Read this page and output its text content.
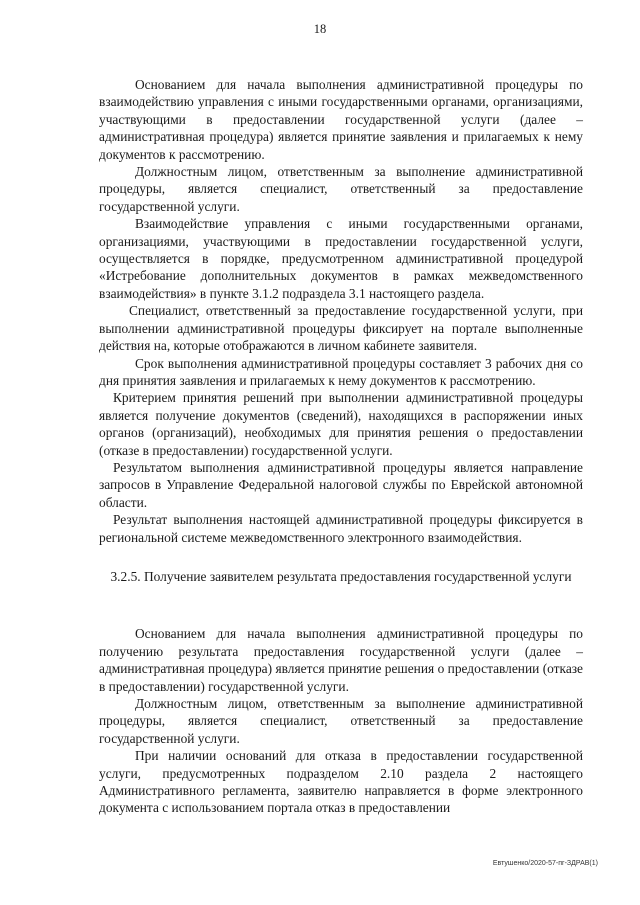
18

Основанием для начала выполнения административной процедуры по взаимодействию управления с иными государственными органами, организациями, участвующими в предоставлении государственной услуги (далее – административная процедура) является принятие заявления и прилагаемых к нему документов к рассмотрению.

Должностным лицом, ответственным за выполнение административной процедуры, является специалист, ответственный за предоставление государственной услуги.

Взаимодействие управления с иными государственными органами, организациями, участвующими в предоставлении государственной услуги, осуществляется в порядке, предусмотренном административной процедурой «Истребование дополнительных документов в рамках межведомственного взаимодействия» в пункте 3.1.2 подраздела 3.1 настоящего раздела.

Специалист, ответственный за предоставление государственной услуги, при выполнении административной процедуры фиксирует на портале выполненные действия на, которые отображаются в личном кабинете заявителя.

Срок выполнения административной процедуры составляет 3 рабочих дня со дня принятия заявления и прилагаемых к нему документов к рассмотрению.

Критерием принятия решений при выполнении административной процедуры является получение документов (сведений), находящихся в распоряжении иных органов (организаций), необходимых для принятия решения о предоставлении (отказе в предоставлении) государственной услуги.

Результатом выполнения административной процедуры является направление запросов в Управление Федеральной налоговой службы по Еврейской автономной области.

Результат выполнения настоящей административной процедуры фиксируется в региональной системе межведомственного электронного взаимодействия.

3.2.5. Получение заявителем результата предоставления государственной услуги

Основанием для начала выполнения административной процедуры по получению результата предоставления государственной услуги (далее – административная процедура) является принятие решения о предоставлении (отказе в предоставлении) государственной услуги.

Должностным лицом, ответственным за выполнение административной процедуры, является специалист, ответственный за предоставление государственной услуги.

При наличии оснований для отказа в предоставлении государственной услуги, предусмотренных подразделом 2.10 раздела 2 настоящего Административного регламента, заявителю направляется в форме электронного документа с использованием портала отказ в предоставлении

Евтушенко/2020-57-пг-ЗДРАВ(1)
